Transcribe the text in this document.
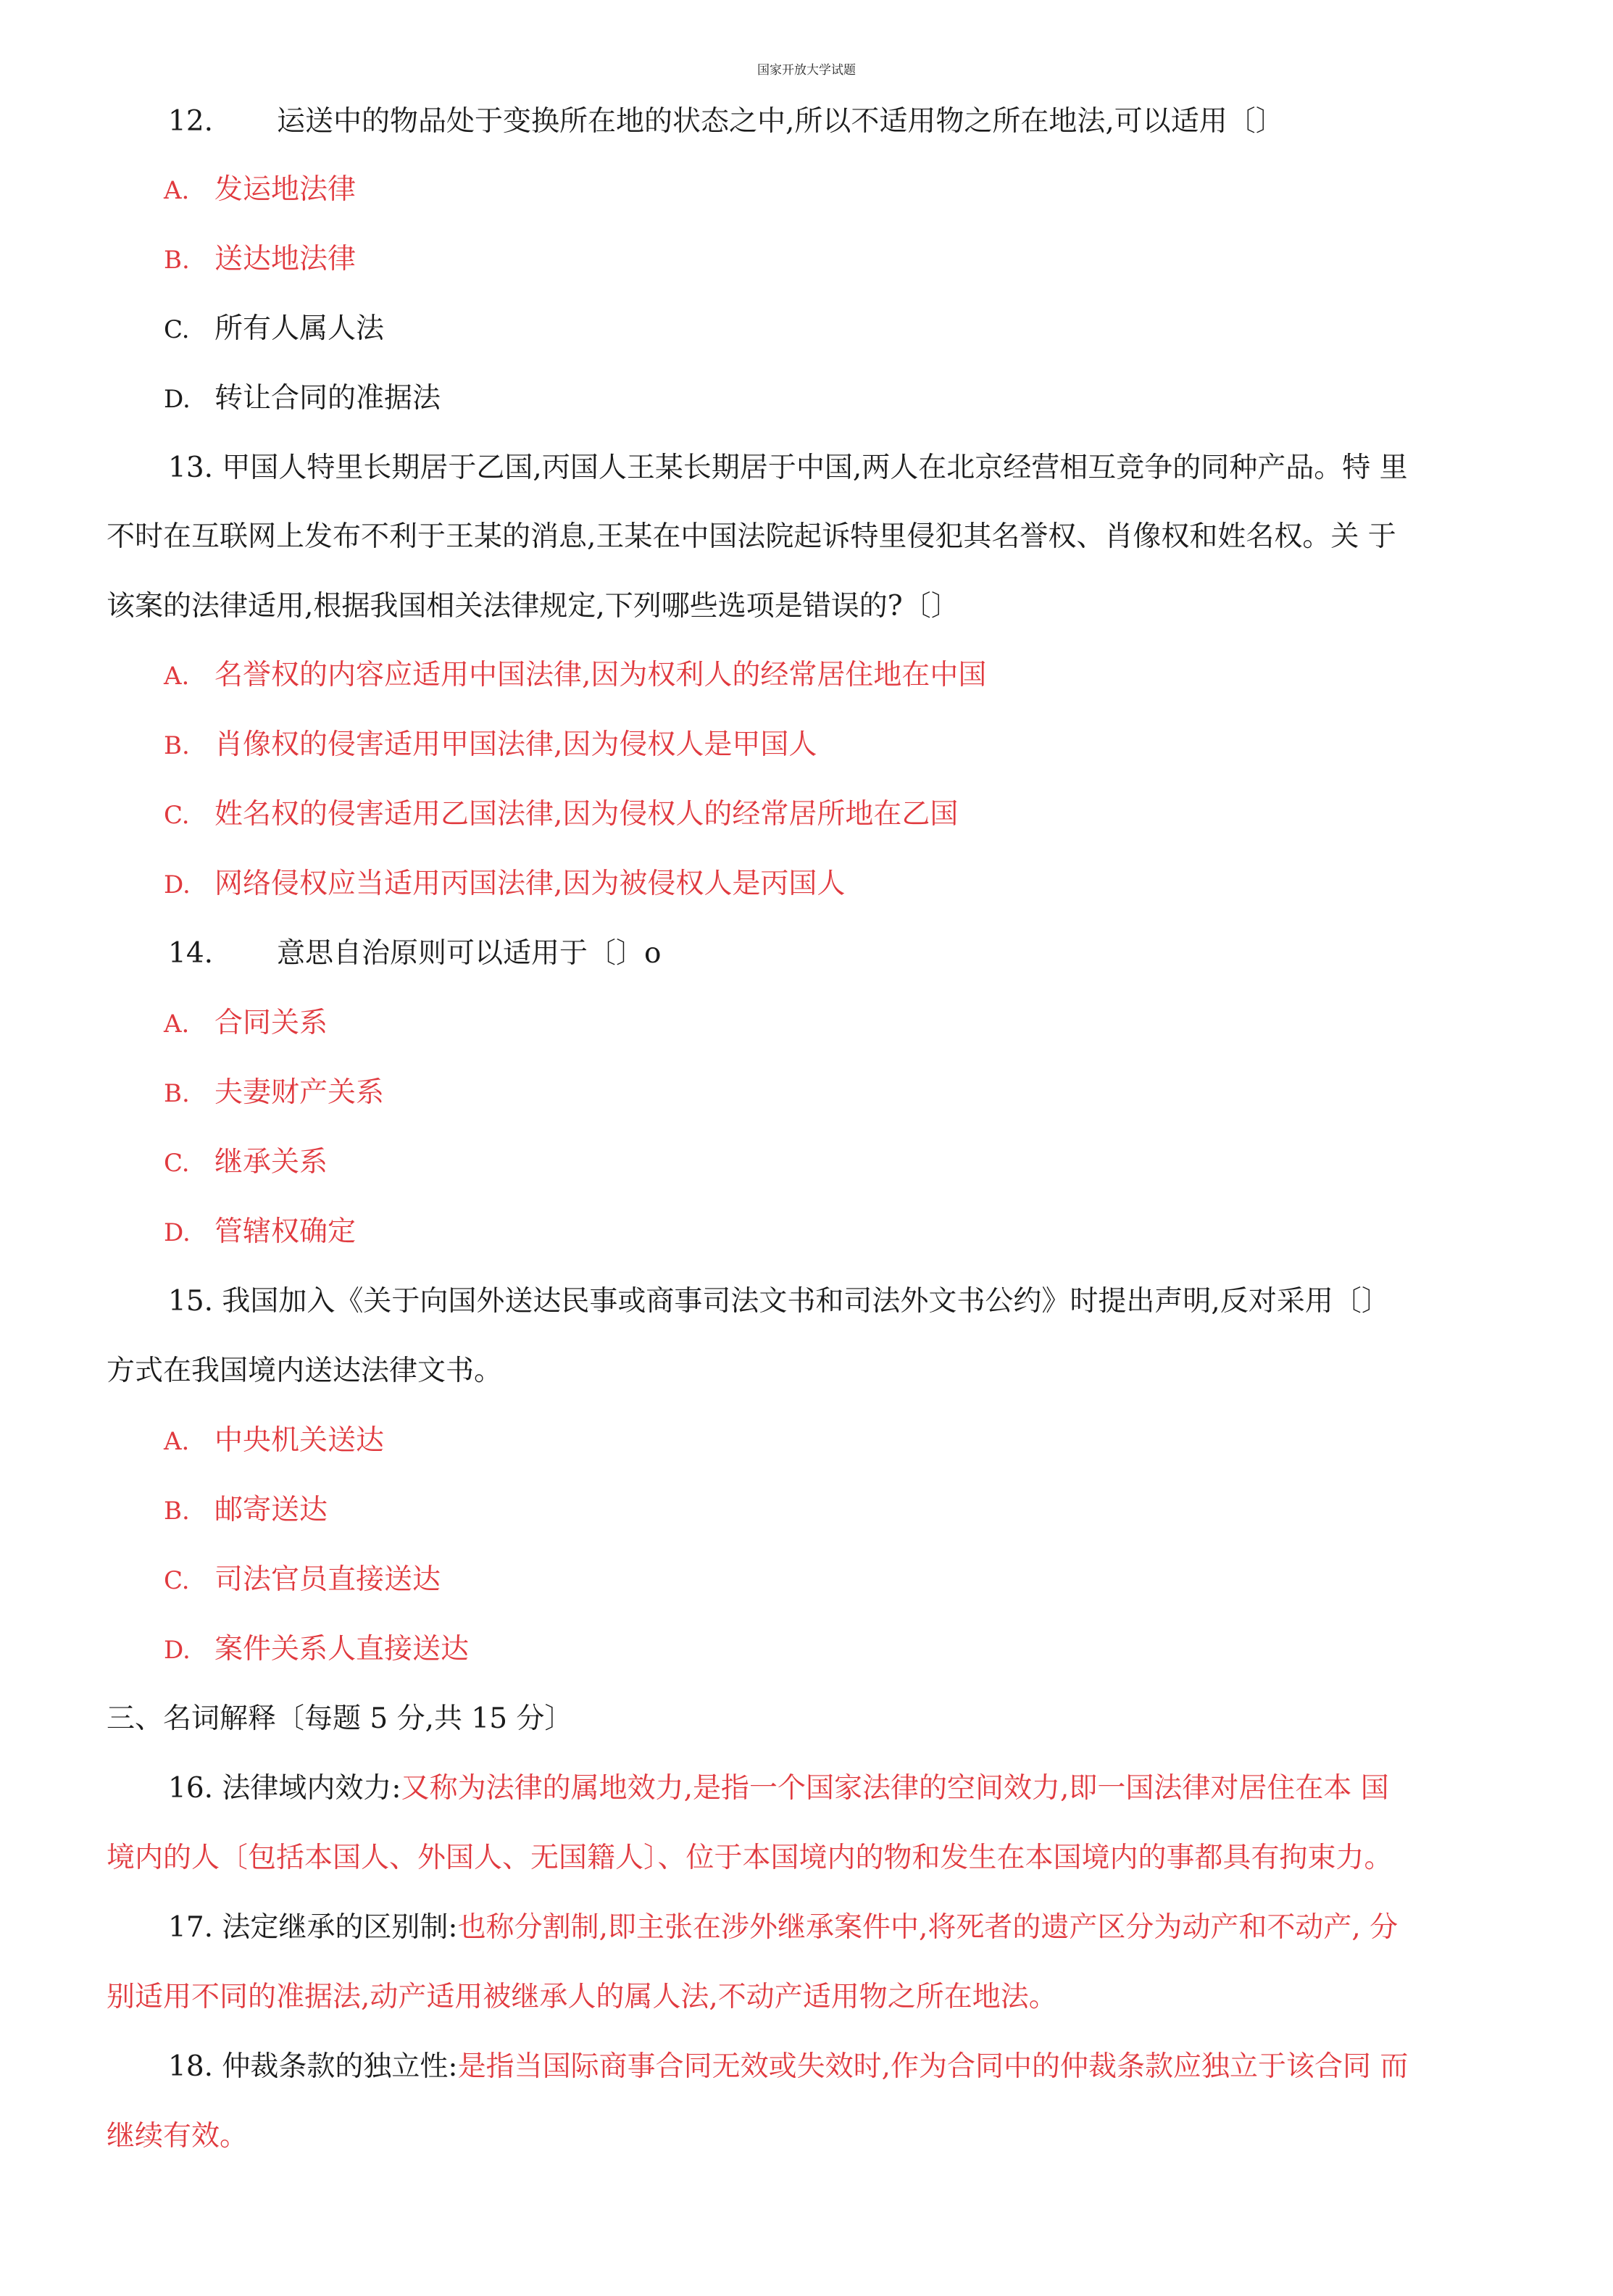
国家开放大学试题
12. 运送中的物品处于变换所在地的状态之中,所以不适用物之所在地法,可以适用〔〕
A. 发运地法律
B. 送达地法律
C. 所有人属人法
D. 转让合同的准据法
13. 甲国人特里长期居于乙国,丙国人王某长期居于中国,两人在北京经营相互竞争的同种产品。特 里
不时在互联网上发布不利于王某的消息,王某在中国法院起诉特里侵犯其名誉权、肖像权和姓名权。关 于
该案的法律适用,根据我国相关法律规定,下列哪些选项是错误的?〔〕
A. 名誉权的内容应适用中国法律,因为权利人的经常居住地在中国
B. 肖像权的侵害适用甲国法律,因为侵权人是甲国人
C. 姓名权的侵害适用乙国法律,因为侵权人的经常居所地在乙国
D. 网络侵权应当适用丙国法律,因为被侵权人是丙国人
14. 意思自治原则可以适用于〔〕o
A. 合同关系
B. 夫妻财产关系
C. 继承关系
D. 管辖权确定
15. 我国加入《关于向国外送达民事或商事司法文书和司法外文书公约》时提出声明,反对采用〔〕
方式在我国境内送达法律文书。
A. 中央机关送达
B. 邮寄送达
C. 司法官员直接送达
D. 案件关系人直接送达
三、名词解释〔每题 5 分,共 15 分〕
16. 法律域内效力:又称为法律的属地效力,是指一个国家法律的空间效力,即一国法律对居住在本 国
境内的人〔包括本国人、外国人、无国籍人〕、位于本国境内的物和发生在本国境内的事都具有拘束力。
17. 法定继承的区别制:也称分割制,即主张在涉外继承案件中,将死者的遗产区分为动产和不动产, 分
别适用不同的准据法,动产适用被继承人的属人法,不动产适用物之所在地法。
18. 仲裁条款的独立性:是指当国际商事合同无效或失效时,作为合同中的仲裁条款应独立于该合同 而
继续有效。
